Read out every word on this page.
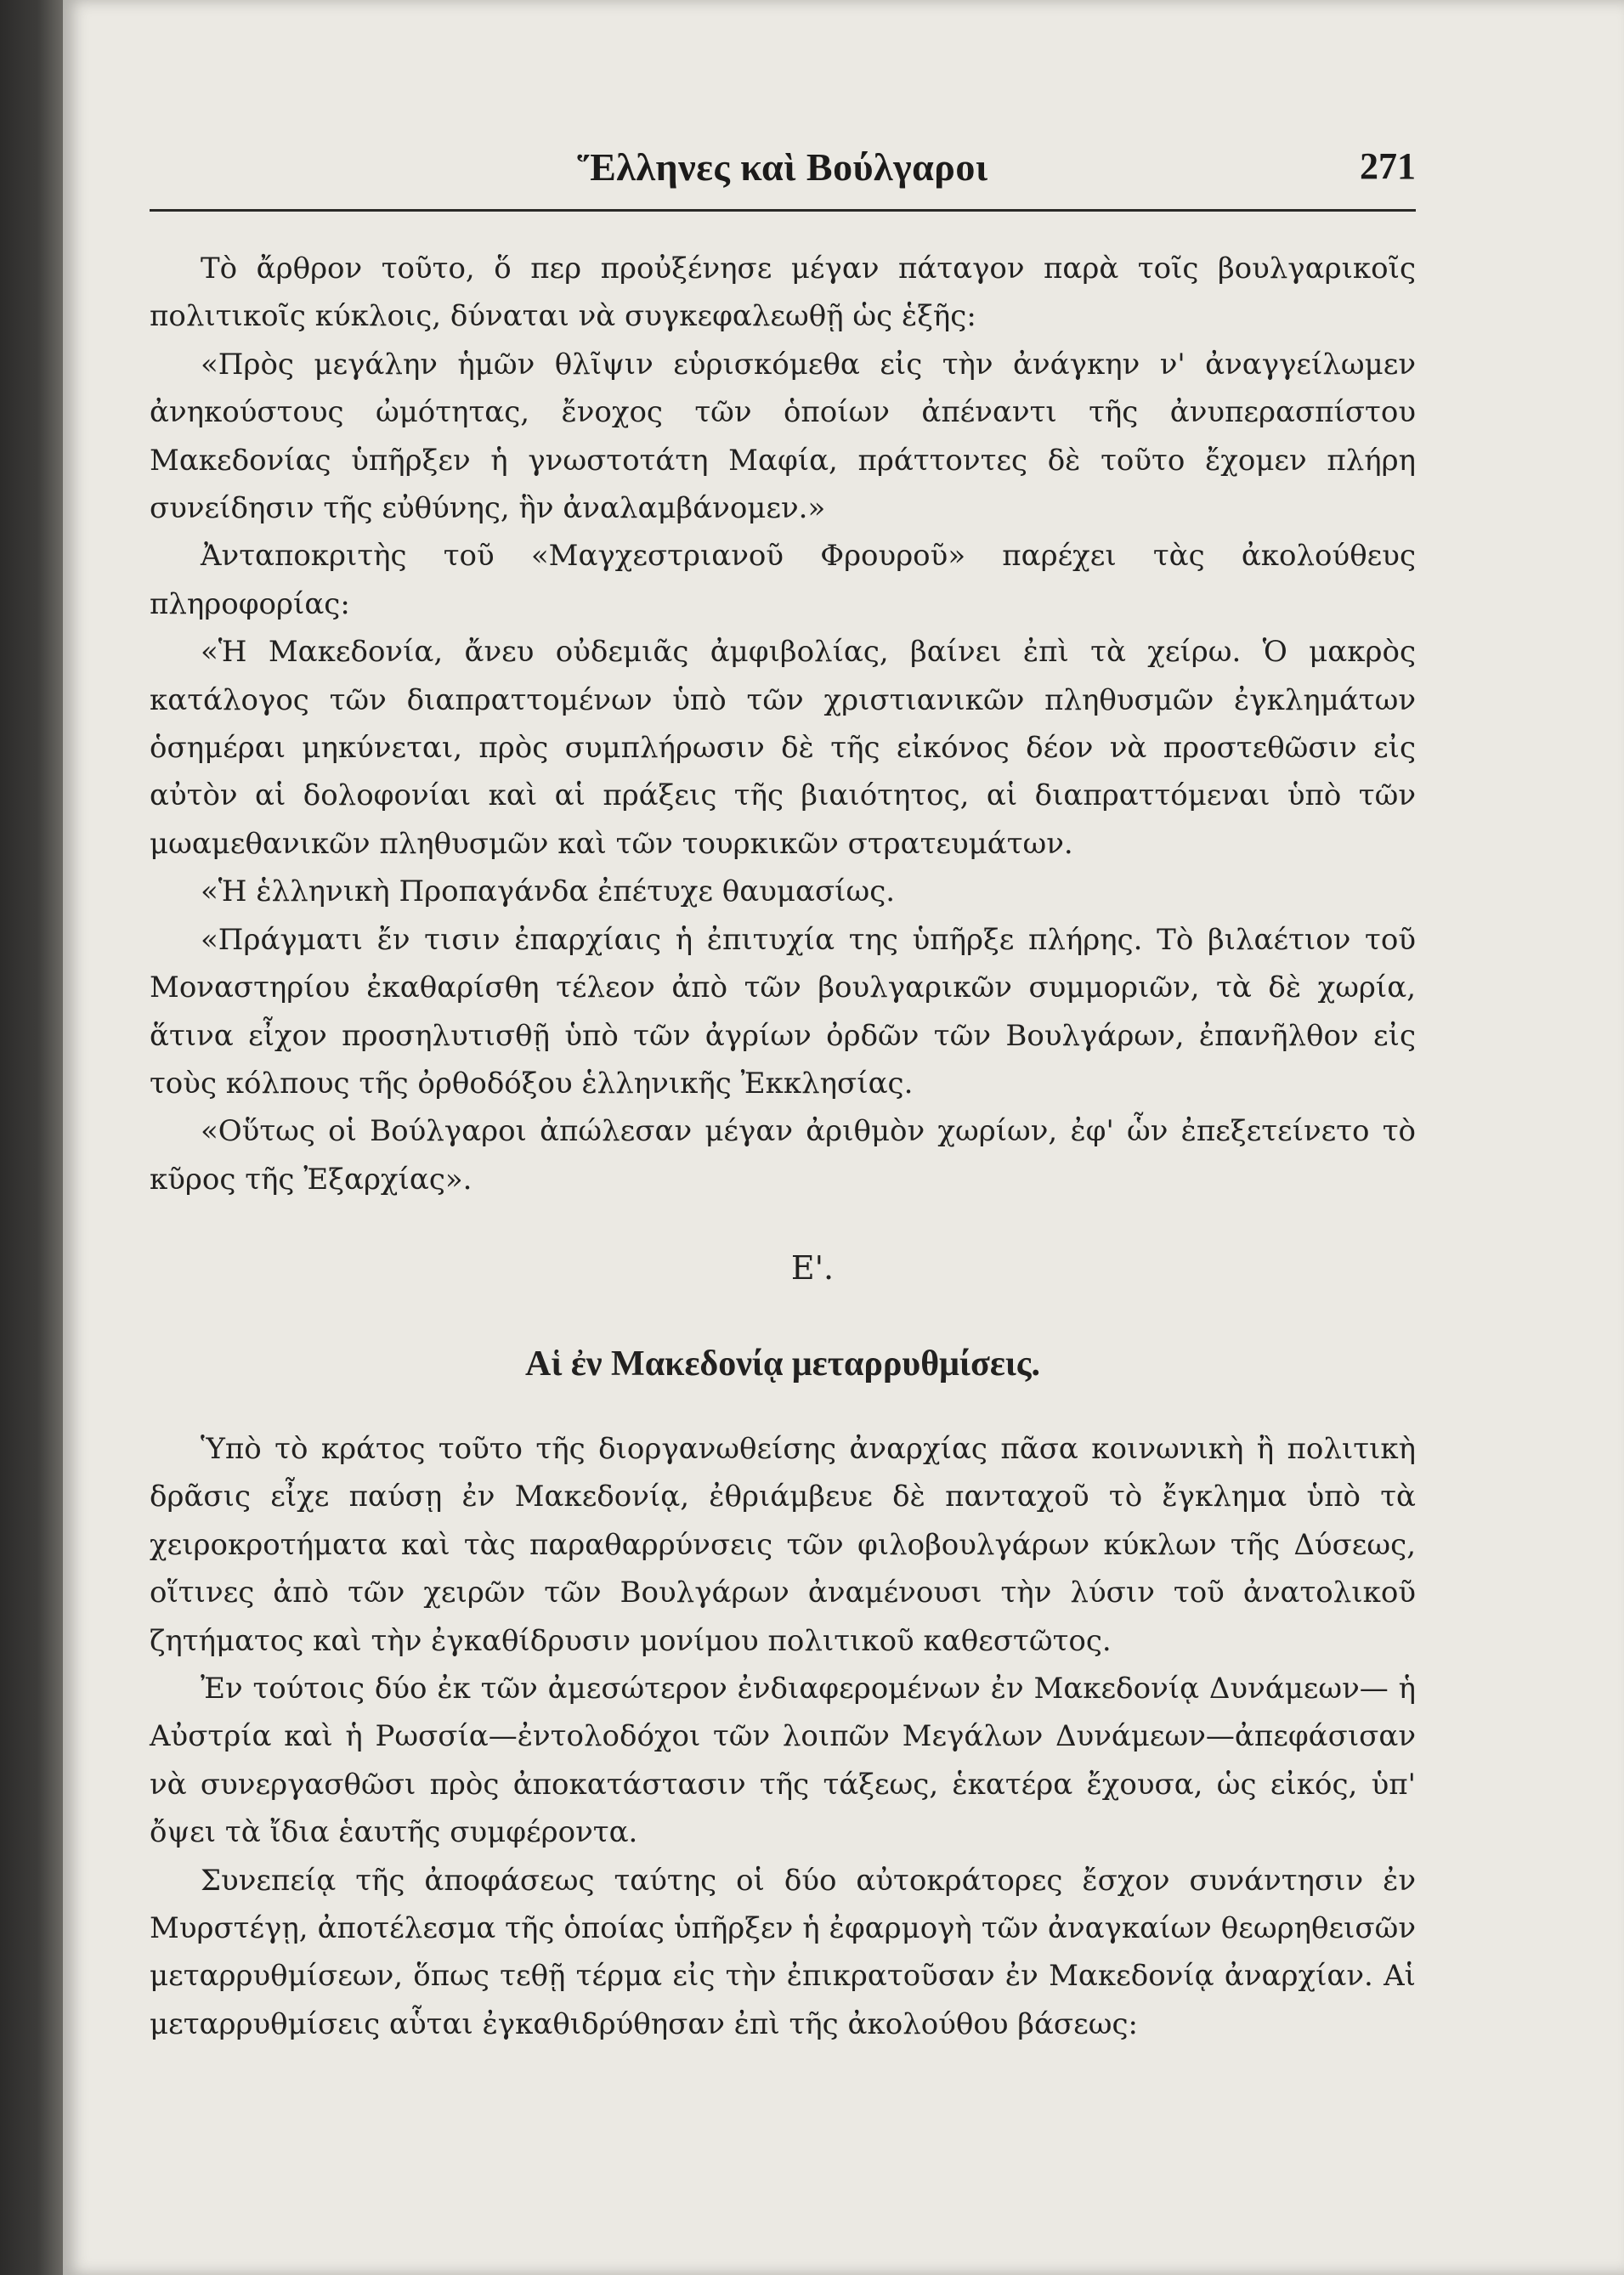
Ἕλληνες καὶ Βούλγαροι	271

Τὸ ἄρθρον τοῦτο, ὅ περ προὐξένησε μέγαν πάταγον παρὰ τοῖς βουλγαρικοῖς πολιτικοῖς κύκλοις, δύναται νὰ συγκεφαλεωθῇ ὡς ἑξῆς:

«Πρὸς μεγάλην ἡμῶν θλῖψιν εὑρισκόμεθα εἰς τὴν ἀνάγκην ν' ἀναγγείλωμεν ἀνηκούστους ὠμότητας, ἔνοχος τῶν ὁποίων ἀπέναντι τῆς ἀνυπερασπίστου Μακεδονίας ὑπῆρξεν ἡ γνωστοτάτη Μαφία, πράττοντες δὲ τοῦτο ἔχομεν πλήρη συνείδησιν τῆς εὐθύνης, ἣν ἀναλαμβάνομεν.»

Ἀνταποκριτὴς τοῦ «Μαγχεστριανοῦ Φρουροῦ» παρέχει τὰς ἀκολούθευς πληροφορίας:

«Ἡ Μακεδονία, ἄνευ οὐδεμιᾶς ἀμφιβολίας, βαίνει ἐπὶ τὰ χείρω. Ὁ μακρὸς κατάλογος τῶν διαπραττομένων ὑπὸ τῶν χριστιανικῶν πληθυσμῶν ἐγκλημάτων ὁσημέραι μηκύνεται, πρὸς συμπλήρωσιν δὲ τῆς εἰκόνος δέον νὰ προστεθῶσιν εἰς αὐτὸν αἱ δολοφονίαι καὶ αἱ πράξεις τῆς βιαιότητος, αἱ διαπραττόμεναι ὑπὸ τῶν μωαμεθανικῶν πληθυσμῶν καὶ τῶν τουρκικῶν στρατευμάτων.

«Ἡ ἑλληνικὴ Προπαγάνδα ἐπέτυχε θαυμασίως.

«Πράγματι ἔν τισιν ἐπαρχίαις ἡ ἐπιτυχία της ὑπῆρξε πλήρης. Τὸ βιλαέτιον τοῦ Μοναστηρίου ἐκαθαρίσθη τέλεον ἀπὸ τῶν βουλγαρικῶν συμμοριῶν, τὰ δὲ χωρία, ἅτινα εἶχον προσηλυτισθῇ ὑπὸ τῶν ἀγρίων ὀρδῶν τῶν Βουλγάρων, ἐπανῆλθον εἰς τοὺς κόλπους τῆς ὀρθοδόξου ἑλληνικῆς Ἐκκλησίας.

«Οὕτως οἱ Βούλγαροι ἀπώλεσαν μέγαν ἀριθμὸν χωρίων, ἐφ' ὧν ἐπεξετείνετο τὸ κῦρος τῆς Ἐξαρχίας».

Ε'.

Αἱ ἐν Μακεδονίᾳ μεταρρυθμίσεις.

Ὑπὸ τὸ κράτος τοῦτο τῆς διοργανωθείσης ἀναρχίας πᾶσα κοινωνικὴ ἢ πολιτικὴ δρᾶσις εἶχε παύσῃ ἐν Μακεδονίᾳ, ἐθριάμβευε δὲ πανταχοῦ τὸ ἔγκλημα ὑπὸ τὰ χειροκροτήματα καὶ τὰς παραθαρρύνσεις τῶν φιλοβουλγάρων κύκλων τῆς Δύσεως, οἵτινες ἀπὸ τῶν χειρῶν τῶν Βουλγάρων ἀναμένουσι τὴν λύσιν τοῦ ἀνατολικοῦ ζητήματος καὶ τὴν ἐγκαθίδρυσιν μονίμου πολιτικοῦ καθεστῶτος.

Ἐν τούτοις δύο ἐκ τῶν ἀμεσώτερον ἐνδιαφερομένων ἐν Μακεδονίᾳ Δυνάμεων— ἡ Αὐστρία καὶ ἡ Ρωσσία—ἐντολοδόχοι τῶν λοιπῶν Μεγάλων Δυνάμεων—ἀπεφάσισαν νὰ συνεργασθῶσι πρὸς ἀποκατάστασιν τῆς τάξεως, ἑκατέρα ἔχουσα, ὡς εἰκός, ὑπ' ὄψει τὰ ἴδια ἑαυτῆς συμφέροντα.

Συνεπείᾳ τῆς ἀποφάσεως ταύτης οἱ δύο αὐτοκράτορες ἔσχον συνάντησιν ἐν Μυρστέγῃ, ἀποτέλεσμα τῆς ὁποίας ὑπῆρξεν ἡ ἐφαρμογὴ τῶν ἀναγκαίων θεωρηθεισῶν μεταρρυθμίσεων, ὅπως τεθῇ τέρμα εἰς τὴν ἐπικρατοῦσαν ἐν Μακεδονίᾳ ἀναρχίαν. Αἱ μεταρρυθμίσεις αὗται ἐγκαθιδρύθησαν ἐπὶ τῆς ἀκολούθου βάσεως:
